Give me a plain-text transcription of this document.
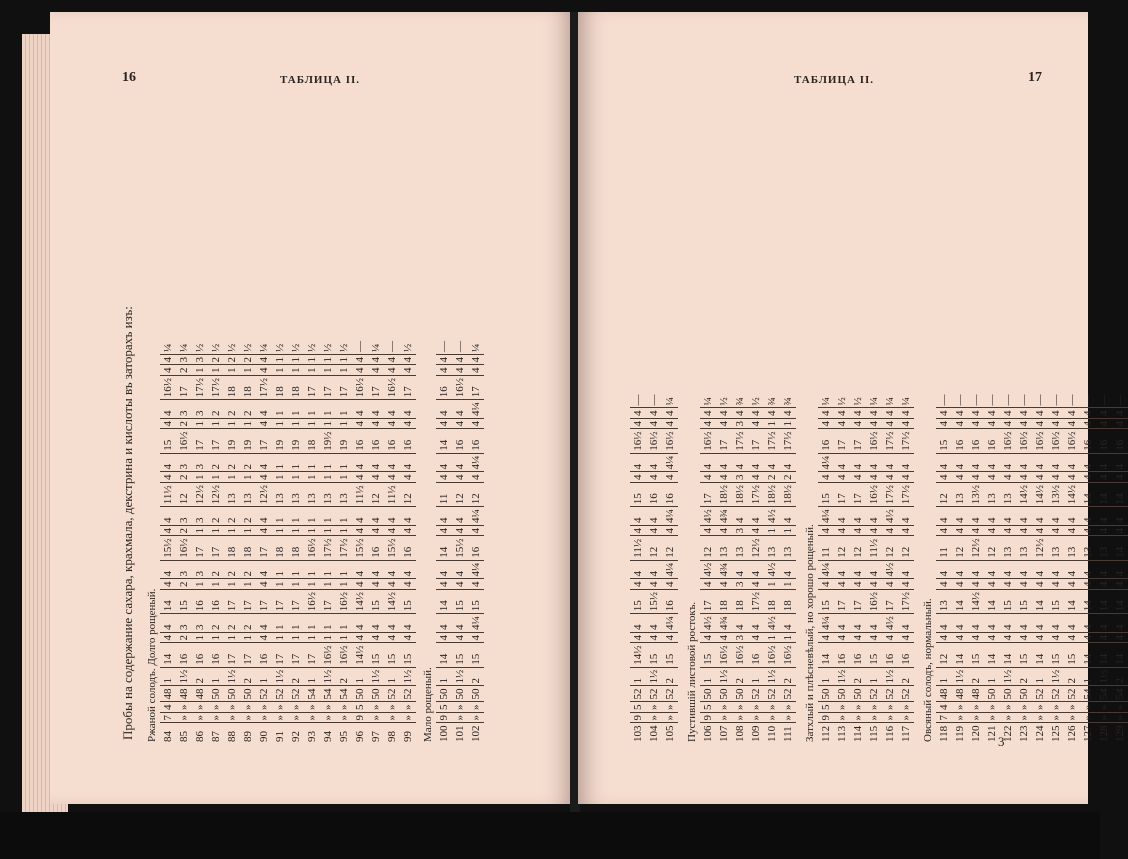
16	ТАБЛИЦА II.
Пробы на содержание сахара, крахмала, декстрина и кислоты въ заторахъ изъ: Ржаной солодъ. Долго рощеный.																							
84	7	4	48	1	14	4	4	14	4	4	15½	4	4	11½	4	4	15	4	4	16½	4	4	¼
85	»	»	48	1½	16	2	3	15	2	3	16½	2	3	12	2	3	16½	2	3	17	2	3	¼
86	»	»	48	2	16	1	3	16	1	3	17	1	3	12½	1	3	17	1	3	17½	1	3	½
87	»	»	50	1	16	1	2	16	1	2	17	1	2	12½	1	2	17	1	2	17½	1	2	½
88	»	»	50	1½	17	1	2	17	1	2	18	1	2	13	1	2	19	1	2	18	1	2	½
89	»	»	50	2	17	1	2	17	1	2	18	1	2	13	1	2	19	1	2	18	1	2	½
90	»	»	52	1	16	4	4	17	4	4	17	4	4	12½	4	4	17	4	4	17½	4	4	¼
91	»	»	52	1½	17	1	1	17	1	1	18	1	1	13	1	1	19	1	1	18	1	1	½
92	»	»	52	2	17	1	1	17	1	1	18	1	1	13	1	1	19	1	1	18	1	1	½
93	»	»	54	1	17	1	1	16½	1	1	16½	1	1	13	1	1	18	1	1	17	1	1	½
94	»	»	54	1½	16½	1	1	17	1	1	17½	1	1	13	1	1	19½	1	1	17	1	1	½
95	»	»	54	2	16½	1	1	16½	1	1	17½	1	1	13	1	1	19	1	1	17	1	1	½
96	9	5	50	1	14½	4	4	14½	4	4	15½	4	4	11½	4	4	16	4	4	16½	4	4	—
97	»	»	50	1½	15	4	4	15	4	4	16	4	4	12	4	4	16	4	4	17	4	4	¼
98	»	»	52	1	15	4	4	14½	4	4	15½	4	4	11½	4	4	16	4	4	16½	4	4	—
99	»	»	52	1½	15	4	4	15	4	4	16	4	4	12	4	4	16	4	4	17	4	4	½
Мало рощеный.																							
100	9	5	50	1	14	4	4	14	4	4	14	4	4	11	4	4	14	4	4	16	4	4	—
101	»	»	50	1½	15	4	4	15	4	4	15½	4	4	12	4	4	16	4	4	16½	4	4	—
102	»	»	50	2	15	4	4¼	15	4	4¼	16	4	4¼	12	4	4¼	16	4	4¼	17	4	4	¼
ТАБЛИЦА II.	17
103	9	5	52	1	14½	4	4	15	4	4	11½	4	4	15	4	4	16½	4	4	—
104	»	»	52	1½	15	4	4	15½	4	4	12	4	4	16	4	4	16½	4	4	—
105	»	»	52	2	15	4	4¼	16	4	4¼	12	4	4¼	16	4	4¼	16½	4	4	¼
Пустившій листовой ростокъ.																				
106	9	5	50	1	15	4	4½	17	4	4½	12	4	4½	17	4	4	16½	4	4	¼
107	»	»	50	1½	16½	4	4¾	18	4	4¾	13	4	4¾	18½	4	4	17	4	4	½
108	»	»	50	2	16½	3	4	18	3	4	13	3	4	18½	3	4	17½	3	4	¾
109	»	»	52	1	16	4	4	17½	4	4	12½	4	4	17½	4	4	17	4	4	½
110	»	»	52	1½	16½	1	4½	18	1	4½	13	1	4½	18½	2	4	17½	1	4	¾
111	»	»	52	2	16½	1	4	18	1	4	13	1	4	18½	2	4	17½	1	4	¾
Затхлый и плѣсневѣлый, но хорошо рощеный.																				
112	9	5	50	1	14	4	4¼	15	4	4¼	11	4	4¼	15	4	4¼	16	4	4	¼
113	»	»	50	1½	16	4	4	17	4	4	12	4	4	17	4	4	17	4	4	½
114	»	»	50	2	16	4	4	17	4	4	12	4	4	17	4	4	17	4	4	½
115	»	»	52	1	15	4	4	16½	4	4	11½	4	4	16½	4	4	16½	4	4	¼
116	»	»	52	1½	16	4	4½	17	4	4½	12	4	4½	17½	4	4	17½	4	4	¼
117	»	»	52	2	16	4	4	17½	4	4	12	4	4	17½	4	4	17½	4	4	¼
Овсяный солодъ, нормальный.																				
118	7	4	48	1	12	4	4	13	4	4	11	4	4	12	4	4	15	4	4	—
119	»	»	48	1½	14	4	4	14	4	4	12	4	4	13	4	4	16	4	4	—
120	»	»	48	2	15	4	4	14½	4	4	12½	4	4	13½	4	4	16	4	4	—
121	»	»	50	1	14	4	4	14	4	4	12	4	4	13	4	4	16	4	4	—
122	»	»	50	1½	14	4	4	15	4	4	13	4	4	13	4	4	16½	4	4	—
123	»	»	50	2	15	4	4	15	4	4	13	4	4	14½	4	4	16½	4	4	—
124	»	»	52	1	14	4	4	14	4	4	12½	4	4	14½	4	4	16½	4	4	—
125	»	»	52	1½	15	4	4	15	4	4	13	4	4	13½	4	4	16½	4	4	—
126	»	»	52	2	15	4	4	14	4	4	13	4	4	14½	4	4	16½	4	4	—
127	»	»	54	1	14	4	4	14	4	4	13	4	4	14	4	4	16	4	4	—
128	»	»	54	1½	14	4	4	14	4	4	13	4	4	14	4	4	16	4	4	—
129	»	»	54	2	14	4	4	14	4	4	14	4	4	14	4	4	16	4	4	—
3
